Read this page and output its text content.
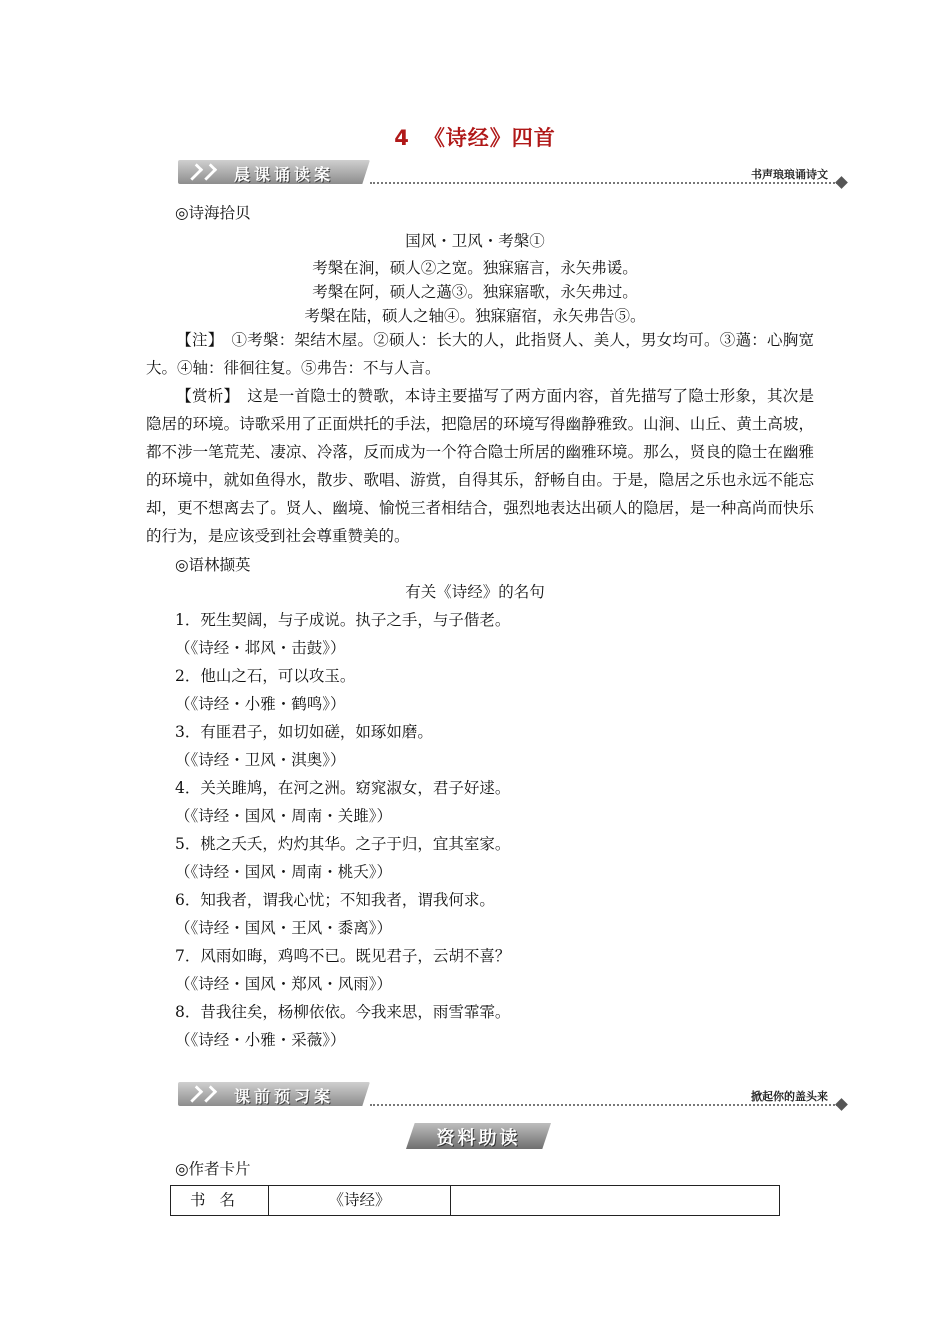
4 《诗经》四首
晨课诵读案	书声琅琅诵诗文
◎诗海拾贝
国风・卫风・考槃①
考槃在涧，硕人②之宽。独寐寤言，永矢弗谖。
考槃在阿，硕人之薖③。独寐寤歌，永矢弗过。
考槃在陆，硕人之轴④。独寐寤宿，永矢弗告⑤。
【注】　 ①考槃：架结木屋。②硕人：长大的人，此指贤人、美人，男女均可。③薖：心胸宽大。④轴：徘徊往复。⑤弗告：不与人言。
【赏析】　 这是一首隐士的赞歌，本诗主要描写了两方面内容，首先描写了隐士形象，其次是隐居的环境。诗歌采用了正面烘托的手法，把隐居的环境写得幽静雅致。山涧、山丘、黄土高坡，都不涉一笔荒芜、凄凉、冷落，反而成为一个符合隐士所居的幽雅环境。那么，贤良的隐士在幽雅的环境中，就如鱼得水，散步、歌唱、游赏，自得其乐，舒畅自由。于是，隐居之乐也永远不能忘却，更不想离去了。贤人、幽境、愉悦三者相结合，强烈地表达出硕人的隐居，是一种高尚而快乐的行为，是应该受到社会尊重赞美的。
◎语林撷英
有关《诗经》的名句
1．死生契阔，与子成说。执子之手，与子偕老。
（《诗经・邶风・击鼓》）
2．他山之石，可以攻玉。
（《诗经・小雅・鹤鸣》）
3．有匪君子，如切如磋，如琢如磨。
（《诗经・卫风・淇奥》）
4．关关雎鸠，在河之洲。窈窕淑女，君子好逑。
（《诗经・国风・周南・关雎》）
5．桃之夭夭，灼灼其华。之子于归，宜其室家。
（《诗经・国风・周南・桃夭》）
6．知我者，谓我心忧；不知我者，谓我何求。
（《诗经・国风・王风・黍离》）
7．风雨如晦，鸡鸣不已。既见君子，云胡不喜？
（《诗经・国风・郑风・风雨》）
8．昔我往矣，杨柳依依。今我来思，雨雪霏霏。
（《诗经・小雅・采薇》）
课前预习案	掀起你的盖头来
资料助读
◎作者卡片
书名	《诗经》	
